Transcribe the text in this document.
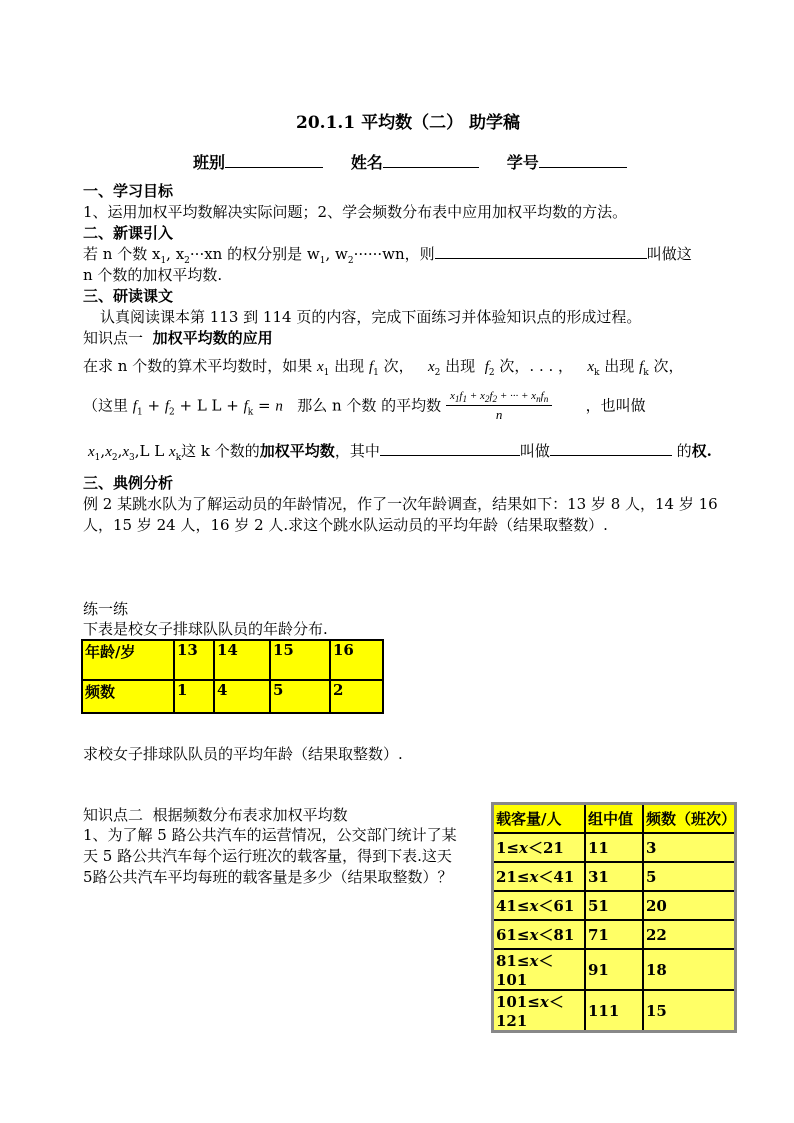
20.1.1 平均数（二） 助学稿
班别	姓名	学号
一、学习目标
1、运用加权平均数解决实际问题；2、学会频数分布表中应用加权平均数的方法。
二、新课引入
若 n 个数 $x_1$, $x_2\cdot\cdot\cdot xn$ 的权分别是 $w_1$, $w_2\cdot\cdot\cdot\cdot\cdot\cdot wn$，则	叫做这
n 个数的加权平均数.
三、研读课文
认真阅读课本第 113 到 114 页的内容，完成下面练习并体验知识点的形成过程。
知识点一 加权平均数的应用
在求 n 个数的算术平均数时，如果 $x_1$ 出现 $f_1$ 次， $x_2$ 出现 $f_2$ 次，. . . ， $x_k$ 出现 $f_k$ 次，
（这里 $f_1 + f_2 + L$ $L + f_k = n$ 那么 n 个数 的平均数 $\frac{x_1f_1 + x_2f_2 + \cdot\cdot\cdot + x_nf_n}{n}$ ，也叫做
$x_1,x_2,x_3,L$ L $x_k$这 k 个数的加权平均数，其中	叫做	的权.
三、典例分析
例 2 某跳水队为了解运动员的年龄情况，作了一次年龄调查，结果如下：13 岁 8 人，14 岁 16
人，15 岁 24 人，16 岁 2 人.求这个跳水队运动员的平均年龄（结果取整数）.
练一练
下表是校女子排球队队员的年龄分布.
年龄/岁	13	14	15	16
频数	1	4	5	2
求校女子排球队队员的平均年龄（结果取整数）.
知识点二 根据频数分布表求加权平均数
1、为了解 5 路公共汽车的运营情况，公交部门统计了某
天 5 路公共汽车每个运行班次的载客量，得到下表.这天
5路公共汽车平均每班的载客量是多少（结果取整数）？
载客量/人	组中值	频数（班次）
1≤x＜21	11	3
21≤x＜41	31	5
41≤x＜61	51	20
61≤x＜81	71	22
81≤x＜101	91	18
101≤x＜121	111	15
